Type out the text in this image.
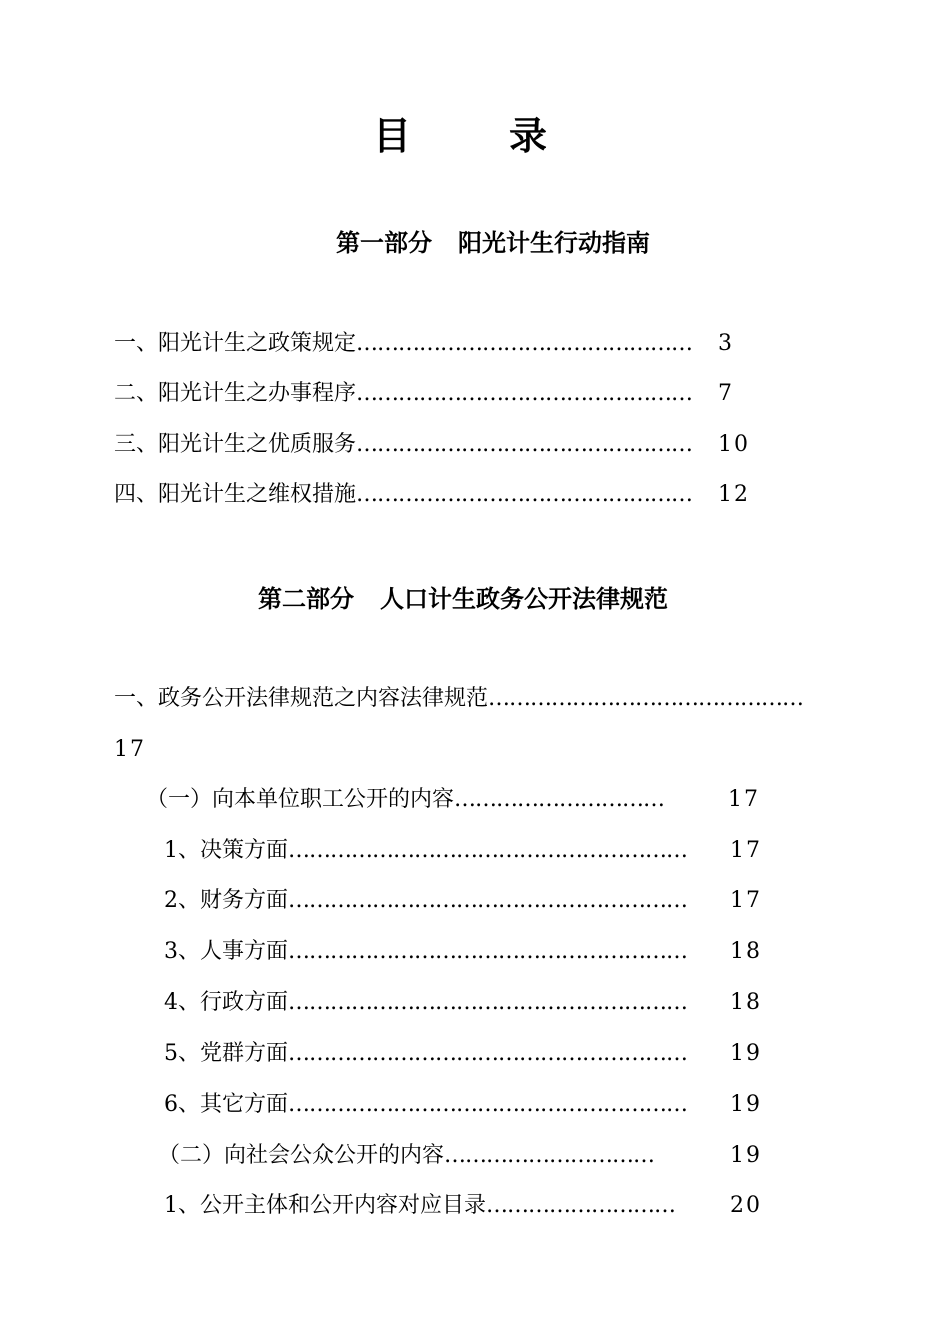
目　录
第一部分 阳光计生行动指南
一、阳光计生之政策规定………………………………………… 3
二、阳光计生之办事程序………………………………………… 7
三、阳光计生之优质服务………………………………………… 10
四、阳光计生之维权措施………………………………………… 12
第二部分 人口计生政务公开法律规范
一、政务公开法律规范之内容法律规范………………………………………
17
（一）向本单位职工公开的内容…………………………	17
1、决策方面………………………………………………… 17
2、财务方面………………………………………………… 17
3、人事方面………………………………………………… 18
4、行政方面………………………………………………… 18
5、党群方面………………………………………………… 19
6、其它方面………………………………………………… 19
（二）向社会公众公开的内容…………………………	19
1、公开主体和公开内容对应目录………………………	20
